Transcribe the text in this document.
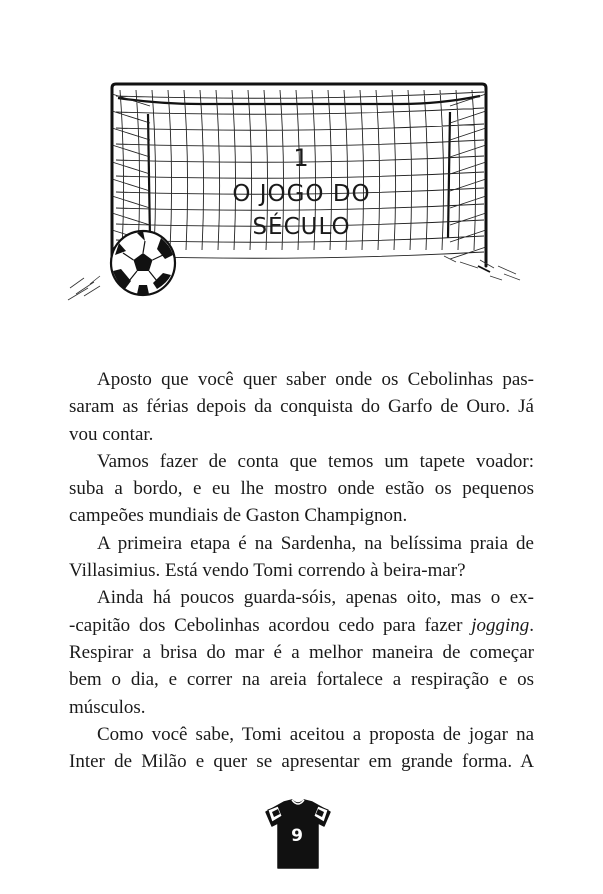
1
O JOGO DO
SÉCULO
Aposto que você quer saber onde os Cebolinhas pas-
saram as férias depois da conquista do Garfo de Ouro. Já
vou contar.
Vamos fazer de conta que temos um tapete voador:
suba a bordo, e eu lhe mostro onde estão os pequenos
campeões mundiais de Gaston Champignon.
A primeira etapa é na Sardenha, na belíssima praia de
Villasimius. Está vendo Tomi correndo à beira-mar?
Ainda há poucos guarda-sóis, apenas oito, mas o ex-
-capitão dos Cebolinhas acordou cedo para fazer jogging.
Respirar a brisa do mar é a melhor maneira de começar
bem o dia, e correr na areia fortalece a respiração e os
músculos.
Como você sabe, Tomi aceitou a proposta de jogar na
Inter de Milão e quer se apresentar em grande forma. A
9
